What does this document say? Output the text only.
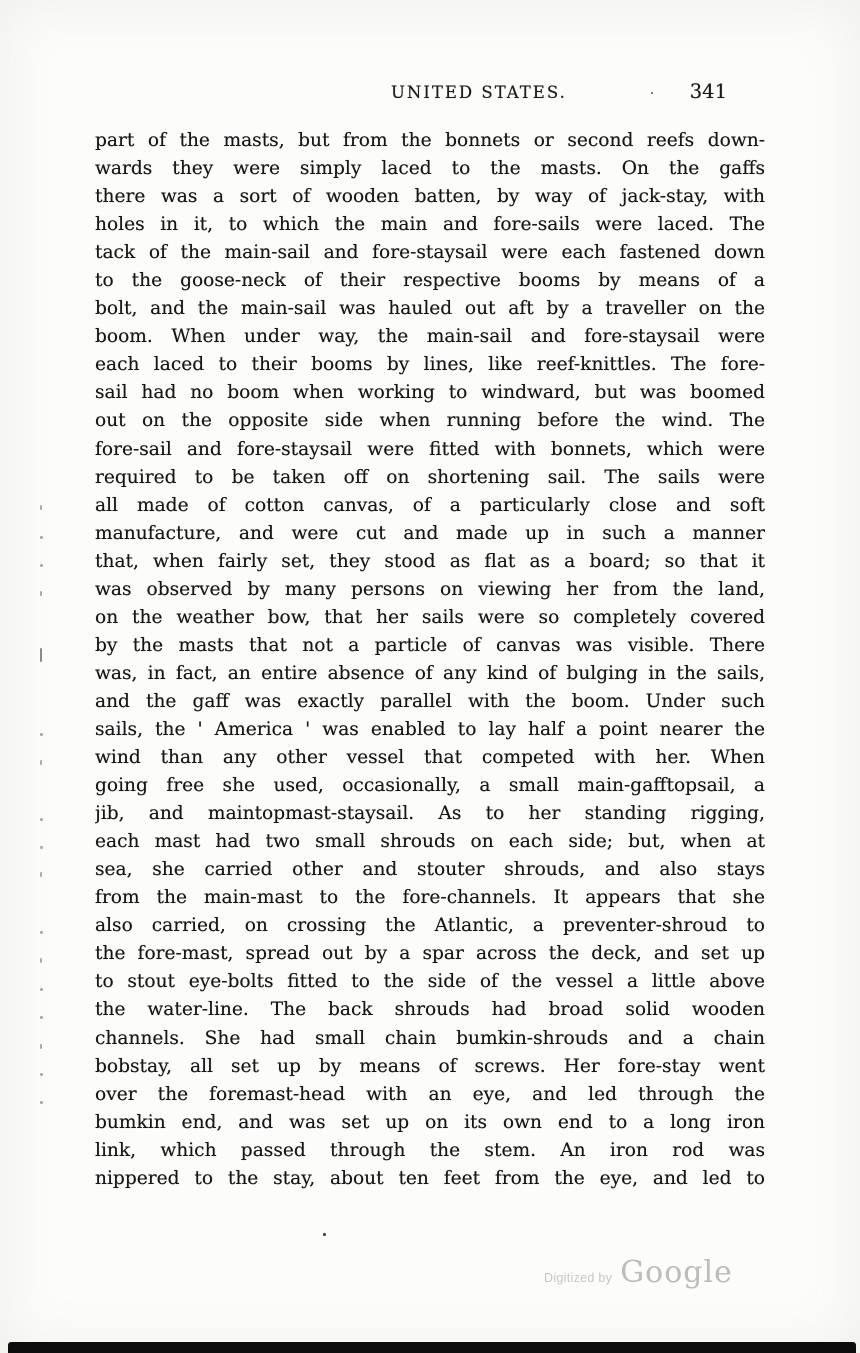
UNITED STATES.	341
part of the masts, but from the bonnets or second reefs down-
wards they were simply laced to the masts. On the gaffs
there was a sort of wooden batten, by way of jack-stay, with
holes in it, to which the main and fore-sails were laced. The
tack of the main-sail and fore-staysail were each fastened down
to the goose-neck of their respective booms by means of a
bolt, and the main-sail was hauled out aft by a traveller on the
boom. When under way, the main-sail and fore-staysail were
each laced to their booms by lines, like reef-knittles. The fore-
sail had no boom when working to windward, but was boomed
out on the opposite side when running before the wind. The
fore-sail and fore-staysail were fitted with bonnets, which were
required to be taken off on shortening sail. The sails were
all made of cotton canvas, of a particularly close and soft
manufacture, and were cut and made up in such a manner
that, when fairly set, they stood as flat as a board; so that it
was observed by many persons on viewing her from the land,
on the weather bow, that her sails were so completely covered
by the masts that not a particle of canvas was visible. There
was, in fact, an entire absence of any kind of bulging in the sails,
and the gaff was exactly parallel with the boom. Under such
sails, the ' America ' was enabled to lay half a point nearer the
wind than any other vessel that competed with her. When
going free she used, occasionally, a small main-gafftopsail, a
jib, and maintopmast-staysail. As to her standing rigging,
each mast had two small shrouds on each side; but, when at
sea, she carried other and stouter shrouds, and also stays
from the main-mast to the fore-channels. It appears that she
also carried, on crossing the Atlantic, a preventer-shroud to
the fore-mast, spread out by a spar across the deck, and set up
to stout eye-bolts fitted to the side of the vessel a little above
the water-line. The back shrouds had broad solid wooden
channels. She had small chain bumkin-shrouds and a chain
bobstay, all set up by means of screws. Her fore-stay went
over the foremast-head with an eye, and led through the
bumkin end, and was set up on its own end to a long iron
link, which passed through the stem. An iron rod was
nippered to the stay, about ten feet from the eye, and led to
Digitized by Google
